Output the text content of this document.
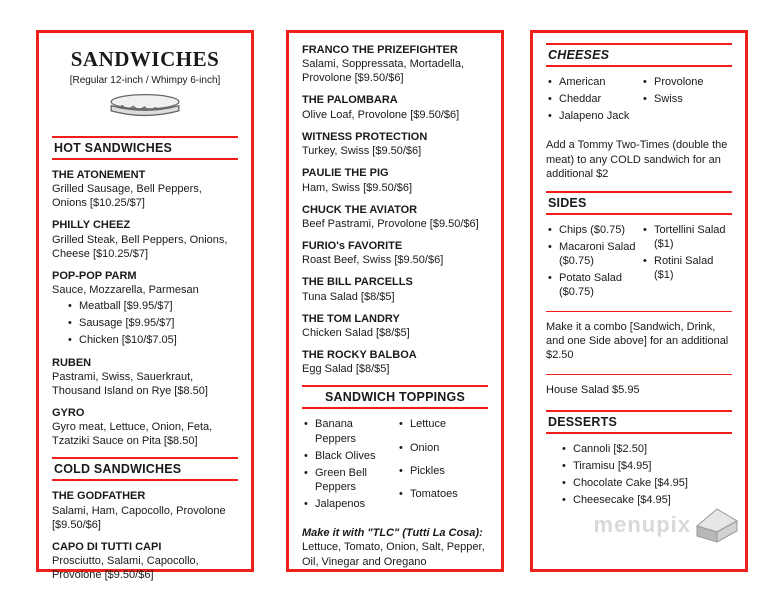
SANDWICHES
[Regular 12-inch / Whimpy 6-inch]
HOT SANDWICHES
THE ATONEMENT
Grilled Sausage, Bell Peppers, Onions [$10.25/$7]
PHILLY CHEEZ
Grilled Steak, Bell Peppers, Onions, Cheese [$10.25/$7]
POP-POP PARM
Sauce, Mozzarella, Parmesan
• Meatball [$9.95/$7]
• Sausage [$9.95/$7]
• Chicken [$10/$7.05]
RUBEN
Pastrami, Swiss, Sauerkraut, Thousand Island on Rye [$8.50]
GYRO
Gyro meat, Lettuce, Onion, Feta, Tzatziki Sauce on Pita [$8.50]
COLD SANDWICHES
THE GODFATHER
Salami, Ham, Capocollo, Provolone [$9.50/$6]
CAPO DI TUTTI CAPI
Prosciutto, Salami, Capocollo, Provolone [$9.50/$6]
FRANCO THE PRIZEFIGHTER
Salami, Soppressata, Mortadella, Provolone [$9.50/$6]
THE PALOMBARA
Olive Loaf, Provolone [$9.50/$6]
WITNESS PROTECTION
Turkey, Swiss [$9.50/$6]
PAULIE THE PIG
Ham, Swiss [$9.50/$6]
CHUCK THE AVIATOR
Beef Pastrami, Provolone [$9.50/$6]
FURIO's FAVORITE
Roast Beef, Swiss [$9.50/$6]
THE BILL PARCELLS
Tuna Salad [$8/$5]
THE TOM LANDRY
Chicken Salad [$8/$5]
THE ROCKY BALBOA
Egg Salad [$8/$5]
SANDWICH TOPPINGS
• Banana Peppers
• Black Olives
• Green Bell Peppers
• Jalapenos
• Lettuce
• Onion
• Pickles
• Tomatoes
Make it with "TLC" (Tutti La Cosa):
Lettuce, Tomato, Onion, Salt, Pepper, Oil, Vinegar and Oregano
CHEESES
• American
• Cheddar
• Jalapeno Jack
• Provolone
• Swiss
Add a Tommy Two-Times (double the meat) to any COLD sandwich for an additional $2
SIDES
• Chips ($0.75)
• Macaroni Salad ($0.75)
• Potato Salad ($0.75)
• Tortellini Salad ($1)
• Rotini Salad ($1)
Make it a combo [Sandwich, Drink, and one Side above] for an additional $2.50
House Salad $5.95
DESSERTS
• Cannoli [$2.50]
• Tiramisu [$4.95]
• Chocolate Cake [$4.95]
• Cheesecake [$4.95]
menupix
